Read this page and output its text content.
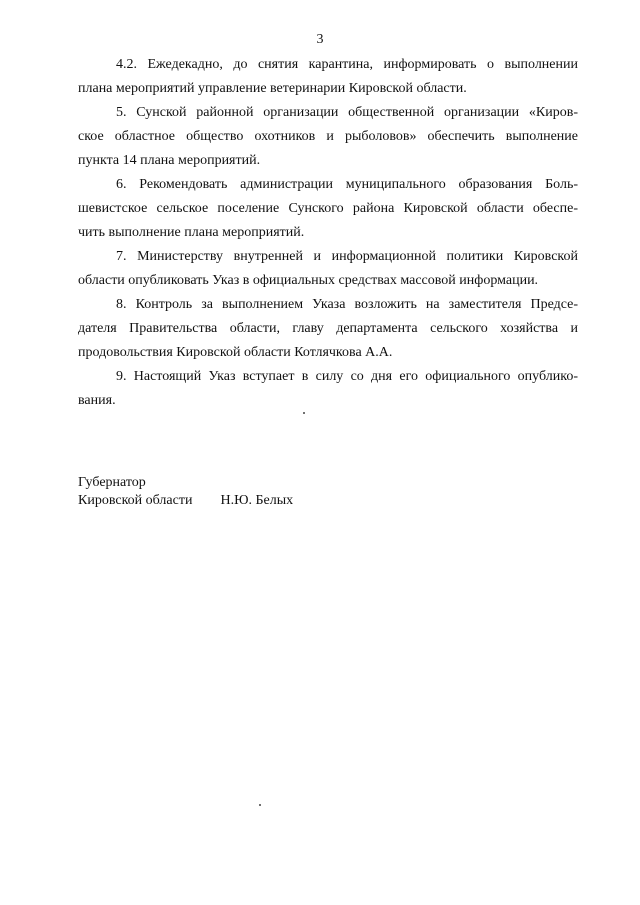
3

4.2. Ежедекадно, до снятия карантина, информировать о выполнении
плана мероприятий управление ветеринарии Кировской области.

5. Сунской районной организации общественной организации «Киров-
ское областное общество охотников и рыболовов» обеспечить выполнение
пункта 14 плана мероприятий.

6. Рекомендовать администрации муниципального образования Боль-
шевистское сельское поселение Сунского района Кировской области обеспе-
чить выполнение плана мероприятий.

7. Министерству внутренней и информационной политики Кировской
области опубликовать Указ в официальных средствах массовой информации.

8. Контроль за выполнением Указа возложить на заместителя Предсе-
дателя Правительства области, главу департамента сельского хозяйства и
продовольствия Кировской области Котлячкова А.А.

9. Настоящий Указ вступает в силу со дня его официального опублико-
вания.

Губернатор
Кировской области Н.Ю. Белых
